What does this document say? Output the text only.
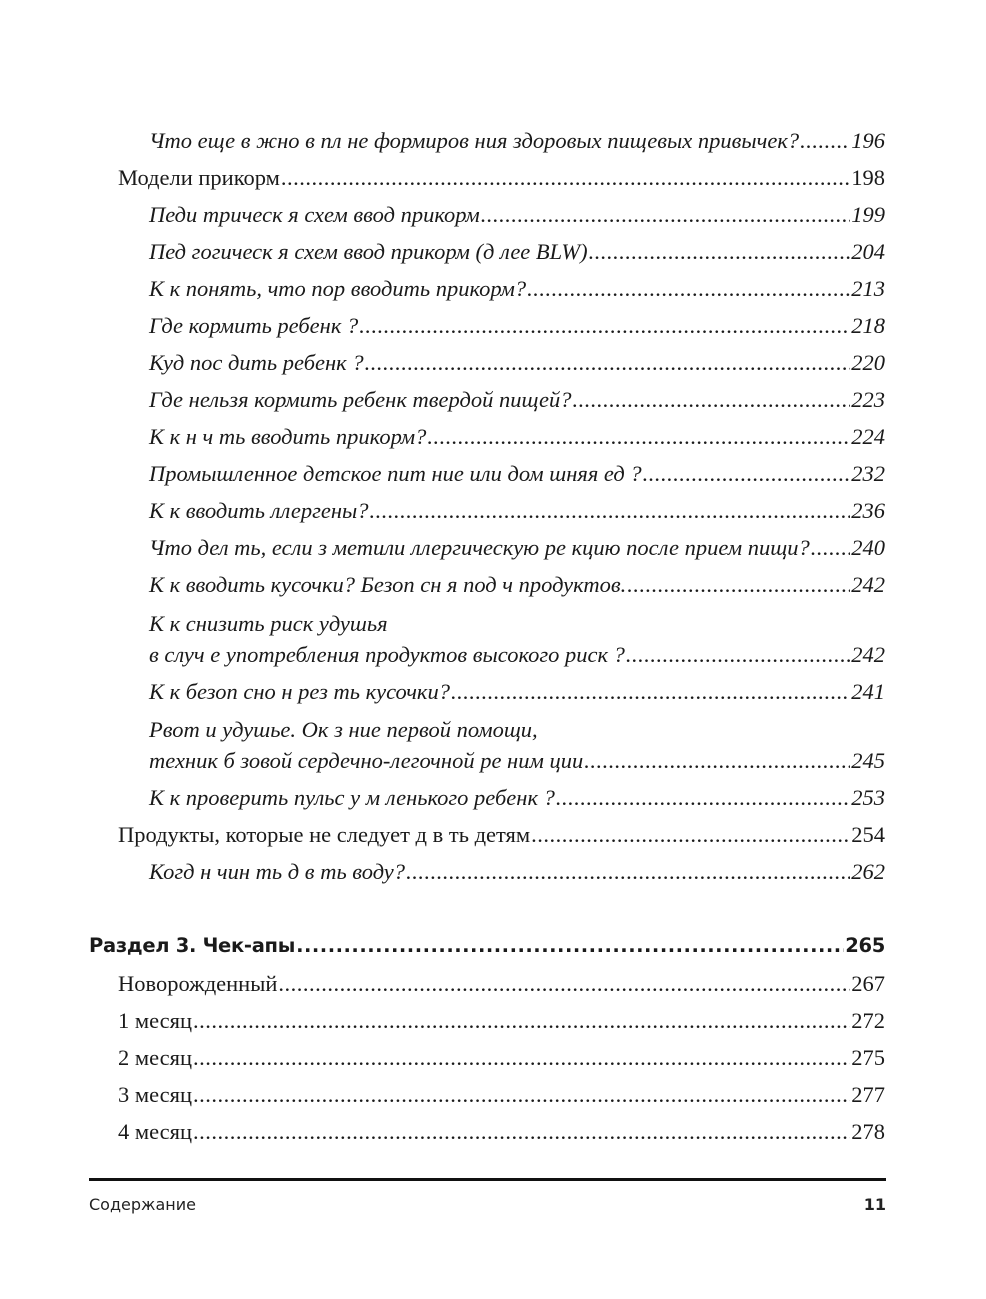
Что еще в жно в пл не формиров ния здоровых пищевых привычек? ..... 196
Модели прикорм .....	198
Педи трическ я схем ввод прикорм .....	199
Пед гогическ я схем ввод прикорм (д лее BLW) .....	204
К к понять, что пор вводить прикорм? .....	213
Где кормить ребенк ? .....	218
Куд пос дить ребенк ? .....	220
Где нельзя кормить ребенк твердой пищей? .....	223
К к н ч ть вводить прикорм? .....	224
Промышленное детское пит ние или дом шняя ед ? .....	232
К к вводить ллергены? .....	236
Что дел ть, если з метили ллергическую ре кцию после прием пищи? ..... 240
К к вводить кусочки? Безоп сн я под ч продуктов. .....	242
К к снизить риск удушья
в случ е употребления продуктов высокого риск ? .....	242
К к безоп сно н рез ть кусочки? .....	241
Рвот и удушье. Ок з ние первой помощи,
техник б зовой сердечно-легочной ре ним ции .....	245
К к проверить пульс у м ленького ребенк ? .....	253
Продукты, которые не следует д в ть детям .....	254
Когд н чин ть д в ть воду? .....	262
Раздел 3. Чек-апы .....	265
Новорожденный .....	267
1 месяц .....	272
2 месяц .....	275
3 месяц .....	277
4 месяц .....	278
Содержание	11
